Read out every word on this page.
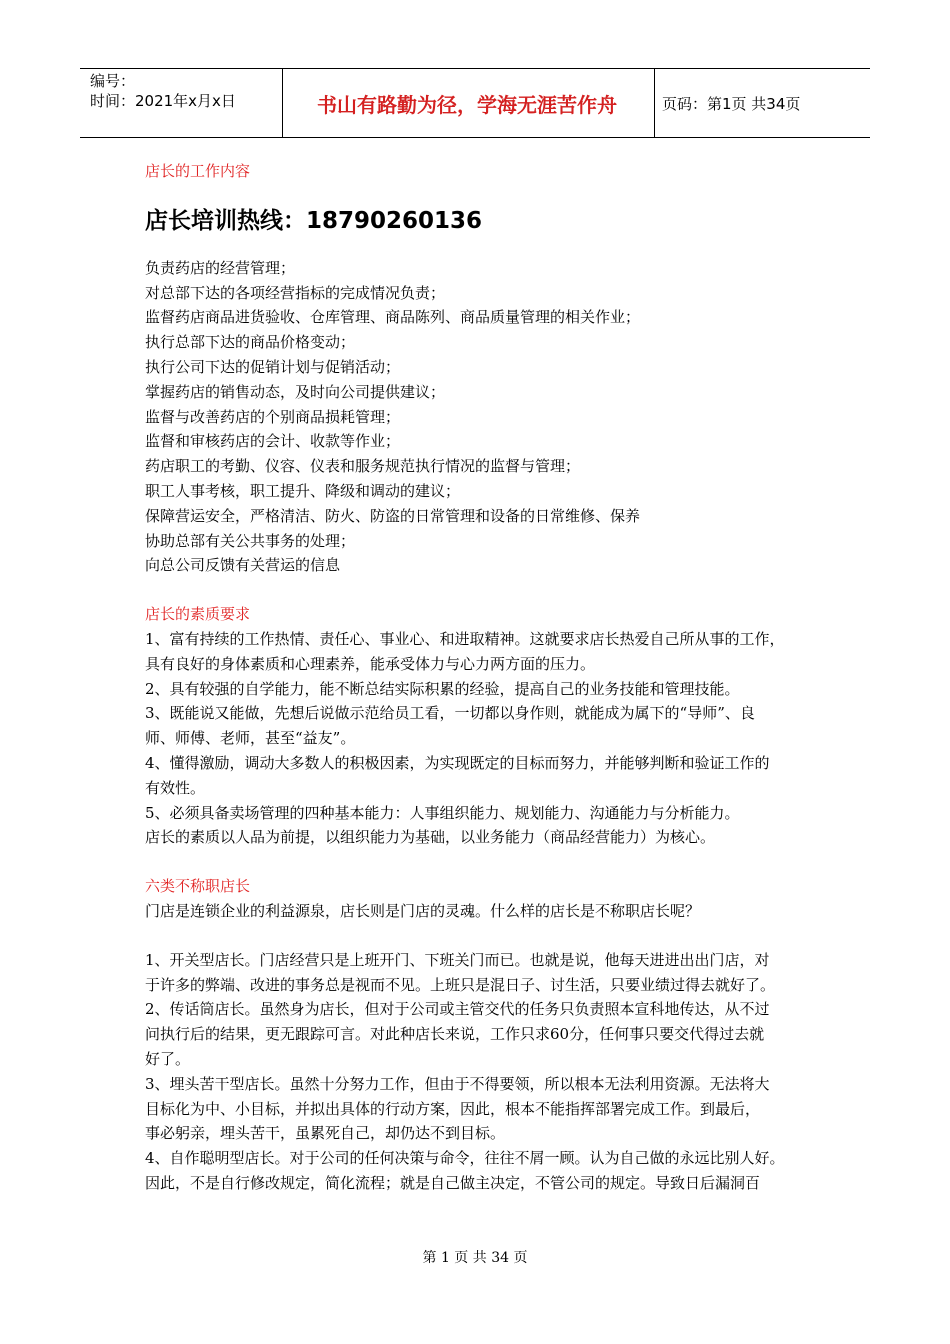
编号：
时间：2021年x月x日	书山有路勤为径，学海无涯苦作舟	页码：第1页 共34页

店长的工作内容

店长培训热线：18790260136

负责药店的经营管理；

对总部下达的各项经营指标的完成情况负责；

监督药店商品进货验收、仓库管理、商品陈列、商品质量管理的相关作业；

执行总部下达的商品价格变动；

执行公司下达的促销计划与促销活动；

掌握药店的销售动态，及时向公司提供建议；

监督与改善药店的个别商品损耗管理；

监督和审核药店的会计、收款等作业；

药店职工的考勤、仪容、仪表和服务规范执行情况的监督与管理；

职工人事考核，职工提升、降级和调动的建议；

保障营运安全，严格清洁、防火、防盗的日常管理和设备的日常维修、保养

协助总部有关公共事务的处理；

向总公司反馈有关营运的信息

店长的素质要求

1、富有持续的工作热情、责任心、事业心、和进取精神。这就要求店长热爱自己所从事的工作，

具有良好的身体素质和心理素养，能承受体力与心力两方面的压力。

2、具有较强的自学能力，能不断总结实际积累的经验，提高自己的业务技能和管理技能。

3、既能说又能做，先想后说做示范给员工看，一切都以身作则，就能成为属下的“导师”、良

师、师傅、老师，甚至“益友”。

4、懂得激励，调动大多数人的积极因素，为实现既定的目标而努力，并能够判断和验证工作的

有效性。

5、必须具备卖场管理的四种基本能力：人事组织能力、规划能力、沟通能力与分析能力。

店长的素质以人品为前提，以组织能力为基础，以业务能力（商品经营能力）为核心。

六类不称职店长

门店是连锁企业的利益源泉，店长则是门店的灵魂。什么样的店长是不称职店长呢？

1、开关型店长。门店经营只是上班开门、下班关门而已。也就是说，他每天进进出出门店，对

于许多的弊端、改进的事务总是视而不见。上班只是混日子、讨生活，只要业绩过得去就好了。

2、传话筒店长。虽然身为店长，但对于公司或主管交代的任务只负责照本宣科地传达，从不过

问执行后的结果，更无跟踪可言。对此种店长来说，工作只求60分，任何事只要交代得过去就

好了。

3、埋头苦干型店长。虽然十分努力工作，但由于不得要领，所以根本无法利用资源。无法将大

目标化为中、小目标，并拟出具体的行动方案，因此，根本不能指挥部署完成工作。到最后，

事必躬亲，埋头苦干，虽累死自己，却仍达不到目标。

4、自作聪明型店长。对于公司的任何决策与命令，往往不屑一顾。认为自己做的永远比别人好。

因此，不是自行修改规定，简化流程；就是自己做主决定，不管公司的规定。导致日后漏洞百

第 1 页 共 34 页
